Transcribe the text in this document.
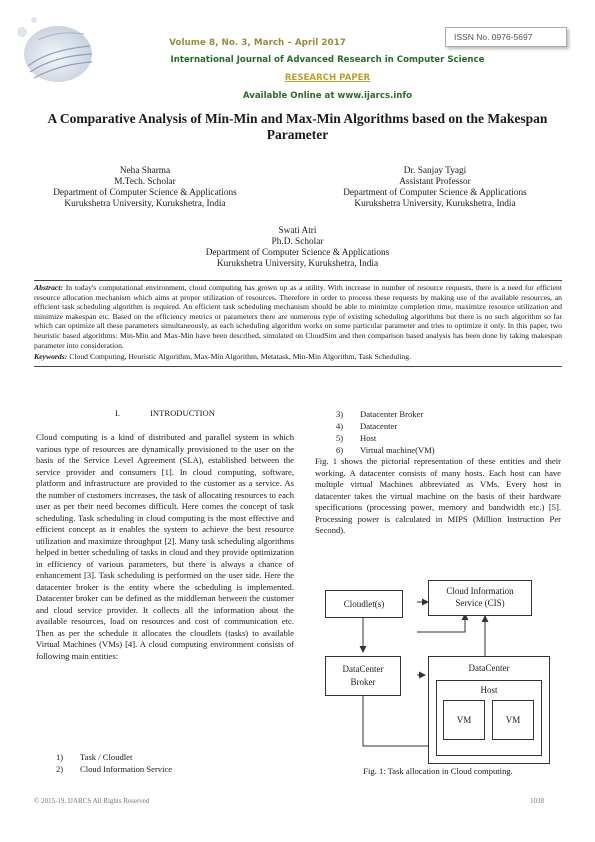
Volume 8, No. 3, March – April 2017
ISSN No. 0976-5697
International Journal of Advanced Research in Computer Science
RESEARCH PAPER
Available Online at www.ijarcs.info
A Comparative Analysis of Min-Min and Max-Min Algorithms based on the Makespan Parameter
Neha Sharma
M.Tech. Scholar
Department of Computer Science & Applications
Kurukshetra University, Kurukshetra, India
Dr. Sanjay Tyagi
Assistant Professor
Department of Computer Science & Applications
Kurukshetra University, Kurukshetra, India
Swati Atri
Ph.D. Scholar
Department of Computer Science & Applications
Kurukshetra University, Kurukshetra, India
Abstract: In today's computational environment, cloud computing has grown up as a utility. With increase in number of resource requests, there is a need for efficient resource allocation mechanism which aims at proper utilization of resources. Therefore in order to process these requests by making use of the available resources, an efficient task scheduling algorithm is required. An efficient task scheduling mechanism should be able to minimize completion time, maximize resource utilization and minimize makespan etc. Based on the efficiency metrics or parameters there are numerous type of existing scheduling algorithms but there is no such algorithm so far which can optimize all these parameters simultaneously, as each scheduling algorithm works on some particular parameter and tries to optimize it only. In this paper, two heuristic based algorithms: Min-Min and Max-Min have been described, simulated on CloudSim and then comparison based analysis has been done by taking makespan parameter into consideration.
Keywords: Cloud Computing, Heuristic Algorithm, Max-Min Algorithm, Metatask, Min-Min Algorithm, Task Scheduling.
I.	INTRODUCTION
Cloud computing is a kind of distributed and parallel system in which various type of resources are dynamically provisioned to the user on the basis of the Service Level Agreement (SLA), established between the service provider and consumers [1]. In cloud computing, software, platform and infrastructure are provided to the customer as a service. As the number of customers increases, the task of allocating resources to each user as per their need becomes difficult. Here comes the concept of task scheduling. Task scheduling in cloud computing is the most effective and efficient concept as it enables the system to achieve the best resource utilization and maximize throughput [2]. Many task scheduling algorithms helped in better scheduling of tasks in cloud and they provide optimization in efficiency of various parameters, but there is always a chance of enhancement [3]. Task scheduling is performed on the user side. Here the datacenter broker is the entity where the scheduling is implemented. Datacenter broker can be defined as the middleman between the customer and cloud service provider. It collects all the information about the available resources, load on resources and cost of communication etc. Then as per the schedule it allocates the cloudlets (tasks) to available Virtual Machines (VMs) [4]. A cloud computing environment consists of following main entities:
1) Task / Cloudlet
2) Cloud Information Service
3) Datacenter Broker
4) Datacenter
5) Host
6) Virtual machine(VM)
Fig. 1 shows the pictorial representation of these entities and their working. A datacenter consists of many hosts. Each host can have multiple virtual Machines abbreviated as VMs. Every host in datacenter takes the virtual machine on the basis of their hardware specifications (processing power, memory and bandwidth etc.) [5]. Processing power is calculated in MIPS (Million Instruction Per Second).
Cloudlet(s)
Cloud Information
Service (CIS)
DataCenter
Broker
DataCenter
Host
VM	VM
Fig. 1: Task allocation in Cloud computing.
© 2015-19, IJARCS All Rights Reserved	1038
